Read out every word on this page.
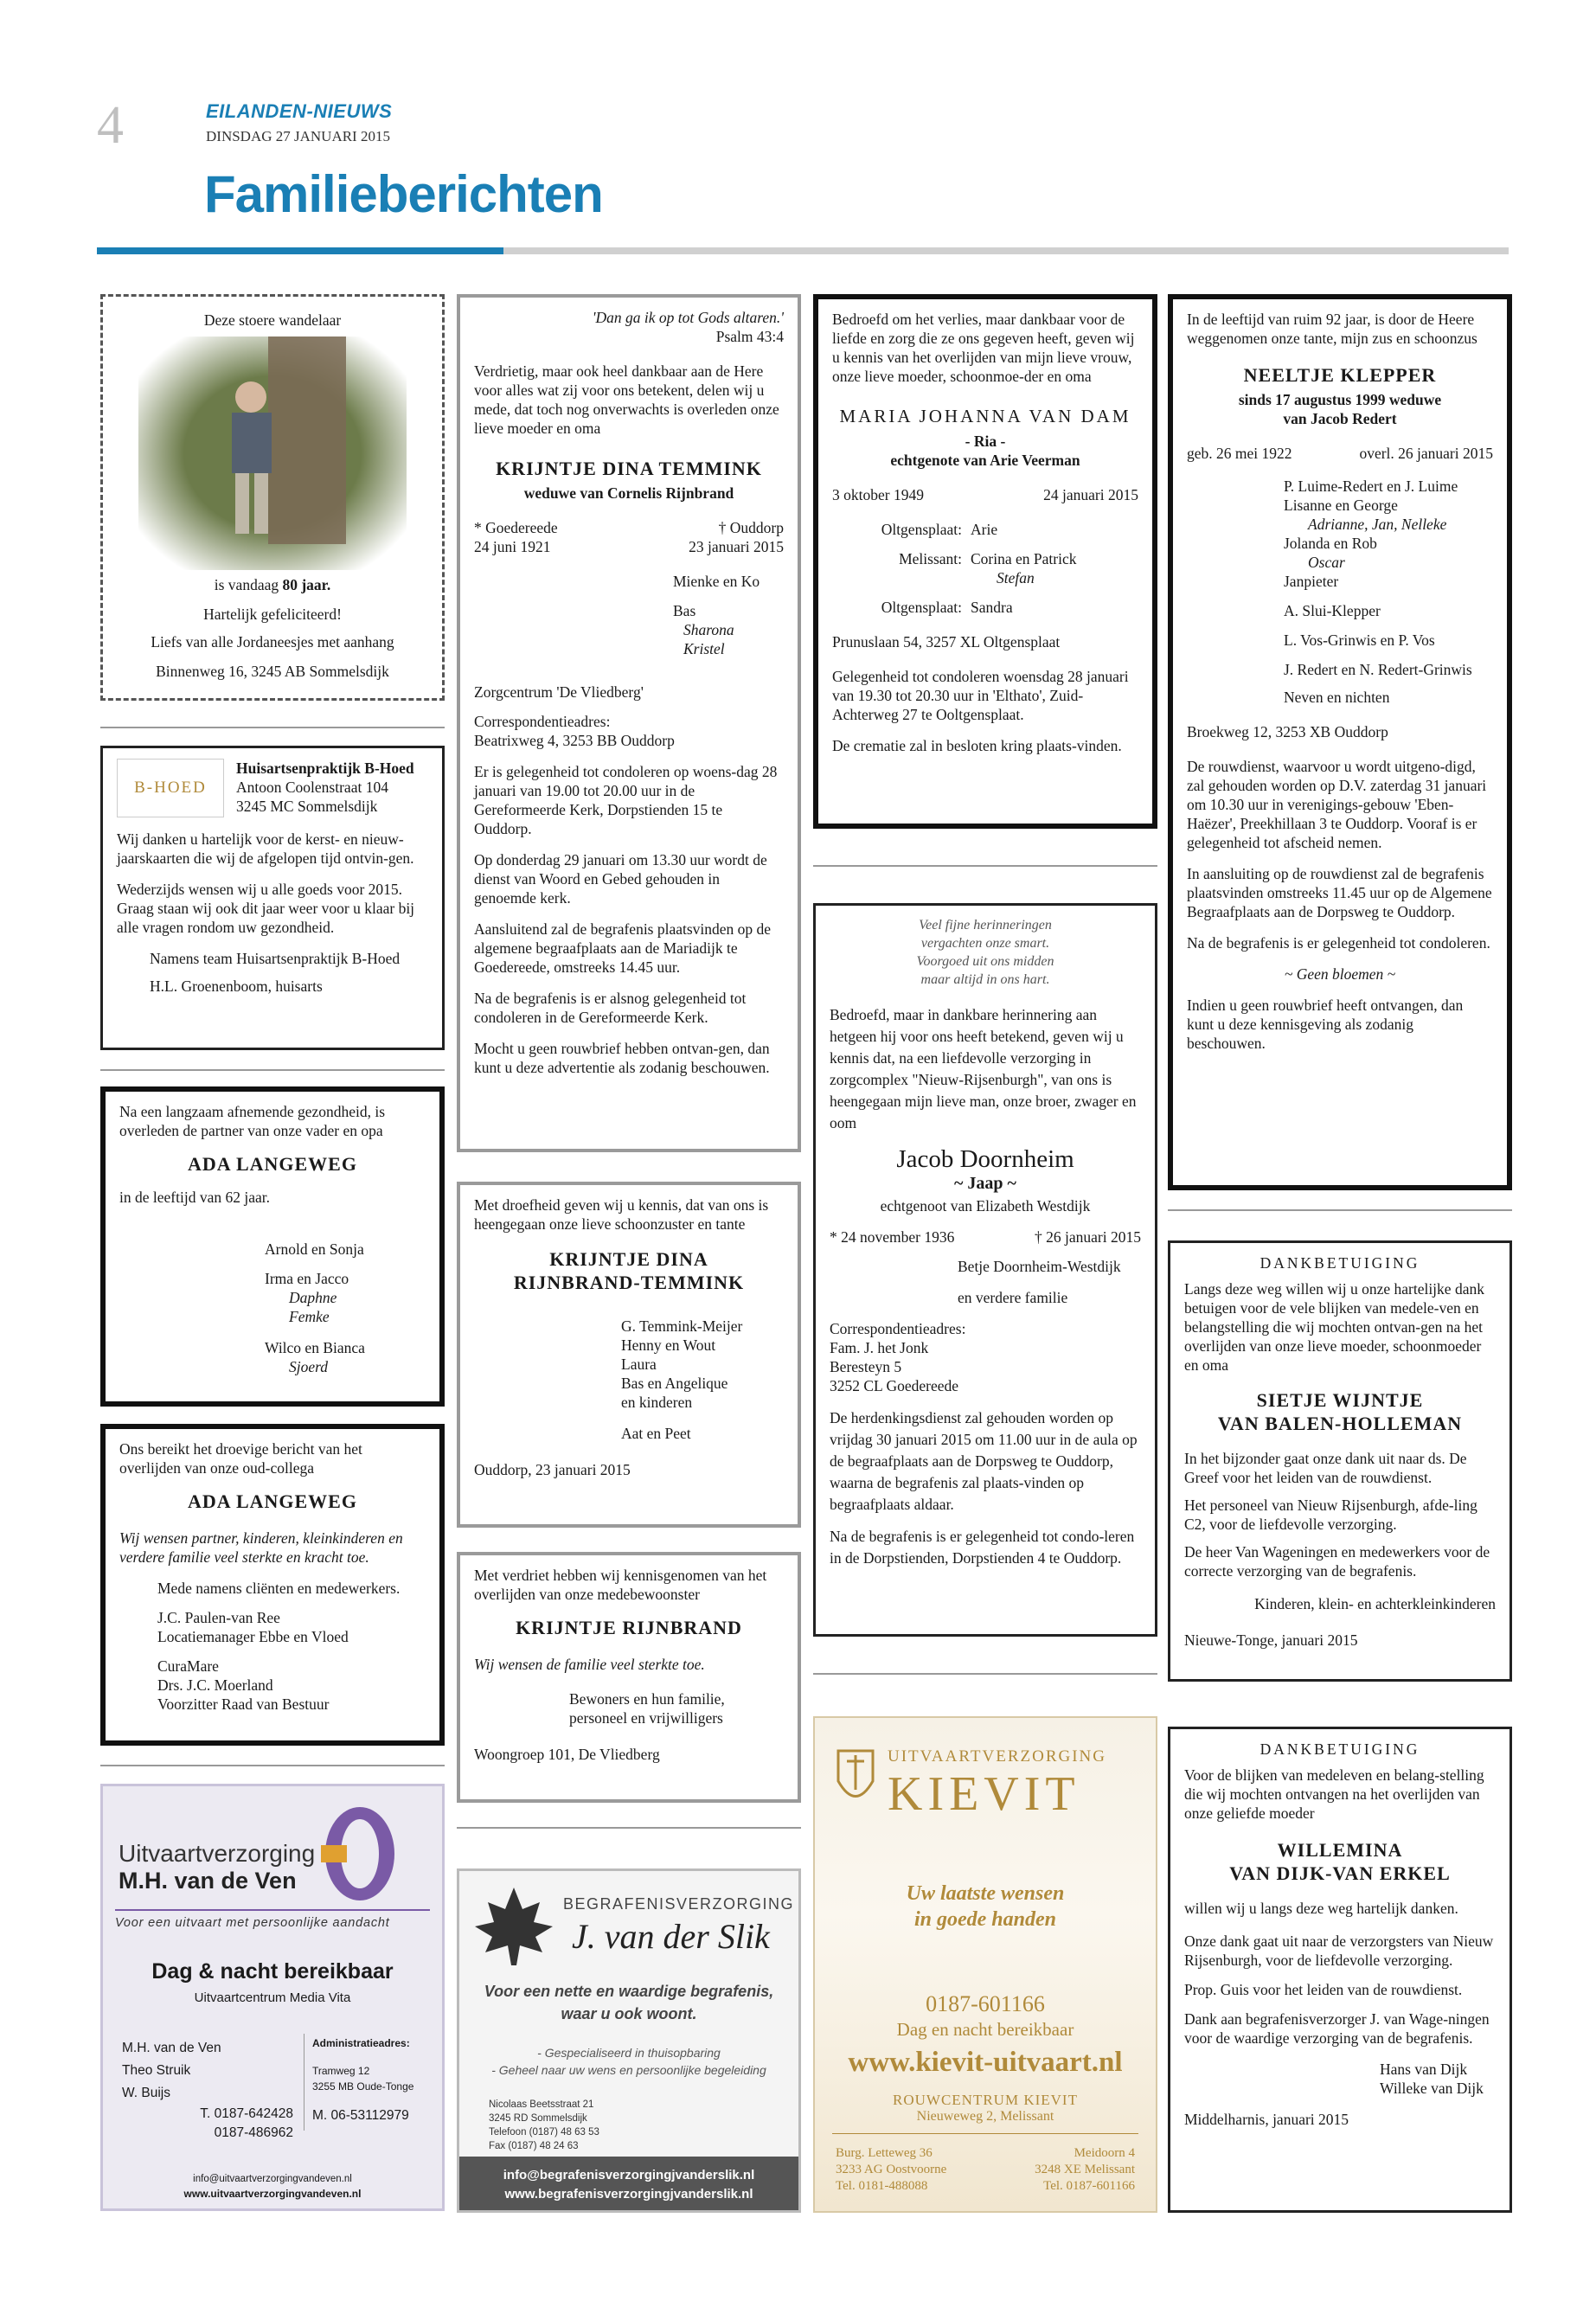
4	EILANDEN-NIEUWS
DINSDAG 27 JANUARI 2015
Familieberichten
Deze stoere wandelaar
is vandaag 80 jaar.
Hartelijk gefeliciteerd!
Liefs van alle Jordaneesjes met aanhang
Binnenweg 16, 3245 AB Sommelsdijk
B-HOED
Huisartsenpraktijk B-Hoed
Antoon Coolenstraat 104
3245 MC Sommelsdijk

Wij danken u hartelijk voor de kerst- en nieuw-jaarskaarten die wij de afgelopen tijd ontvin-gen.

Wederzijds wensen wij u alle goeds voor 2015. Graag staan wij ook dit jaar weer voor u klaar bij alle vragen rondom uw gezondheid.

Namens team Huisartsenpraktijk B-Hoed

H.L. Groenenboom, huisarts

Na een langzaam afnemende gezondheid, is overleden de partner van onze vader en opa

ADA LANGEWEG

in de leeftijd van 62 jaar.

Arnold en Sonja
Irma en Jacco
Daphne
Femke
Wilco en Bianca
Sjoerd

Ons bereikt het droevige bericht van het overlijden van onze oud-collega

ADA LANGEWEG

Wij wensen partner, kinderen, kleinkinderen en verdere familie veel sterkte en kracht toe.

Mede namens cliënten en medewerkers.
J.C. Paulen-van Ree
Locatiemanager Ebbe en Vloed
CuraMare
Drs. J.C. Moerland
Voorzitter Raad van Bestuur
Uitvaartverzorging
M.H. van de Ven
Voor een uitvaart met persoonlijke aandacht
Dag & nacht bereikbaar
Uitvaartcentrum Media Vita
M.H. van de Ven
Theo Struik
W. Buijs
T. 0187-642428
0187-486962
Administratieadres:
Tramweg 12
3255 MB Oude-Tonge
M. 06-53112979
info@uitvaartverzorgingvandeven.nl
www.uitvaartverzorgingvandeven.nl
'Dan ga ik op tot Gods altaren.'
Psalm 43:4

Verdrietig, maar ook heel dankbaar aan de Here voor alles wat zij voor ons betekent, delen wij u mede, dat toch nog onverwachts is overleden onze lieve moeder en oma

KRIJNTJE DINA TEMMINK
weduwe van Cornelis Rijnbrand
* Goedereede
24 juni 1921
† Ouddorp
23 januari 2015
Mienke en Ko
Bas
Sharona
Kristel
Zorgcentrum 'De Vliedberg'
Correspondentieadres:
Beatrixweg 4, 3253 BB Ouddorp

Er is gelegenheid tot condoleren op woens-dag 28 januari van 19.00 tot 20.00 uur in de Gereformeerde Kerk, Dorpstienden 15 te Ouddorp.

Op donderdag 29 januari om 13.30 uur wordt de dienst van Woord en Gebed gehouden in genoemde kerk.

Aansluitend zal de begrafenis plaatsvinden op de algemene begraafplaats aan de Mariadijk te Goedereede, omstreeks 14.45 uur.

Na de begrafenis is er alsnog gelegenheid tot condoleren in de Gereformeerde Kerk.

Mocht u geen rouwbrief hebben ontvan-gen, dan kunt u deze advertentie als zodanig beschouwen.

Met droefheid geven wij u kennis, dat van ons is heengegaan onze lieve schoonzuster en tante

KRIJNTJE DINA
RIJNBRAND-TEMMINK
G. Temmink-Meijer
Henny en Wout
Laura
Bas en Angelique
en kinderen
Aat en Peet
Ouddorp, 23 januari 2015

Met verdriet hebben wij kennisgenomen van het overlijden van onze medebewoonster

KRIJNTJE RIJNBRAND

Wij wensen de familie veel sterkte toe.

Bewoners en hun familie,
personeel en vrijwilligers
Woongroep 101, De Vliedberg
BEGRAFENISVERZORGING
J. van der Slik
Voor een nette en waardige begrafenis, waar u ook woont.
- Gespecialiseerd in thuisopbaring
- Geheel naar uw wens en persoonlijke begeleiding
Nicolaas Beetsstraat 21
3245 RD Sommelsdijk
Telefoon (0187) 48 63 53
Fax (0187) 48 24 63
info@begrafenisverzorgingjvanderslik.nl
www.begrafenisverzorgingjvanderslik.nl

Bedroefd om het verlies, maar dankbaar voor de liefde en zorg die ze ons gegeven heeft, geven wij u kennis van het overlijden van mijn lieve vrouw, onze lieve moeder, schoonmoe-der en oma

MARIA JOHANNA VAN DAM
- Ria -
echtgenote van Arie Veerman
3 oktober 1949	24 januari 2015
Oltgensplaat: Arie
Melissant: Corina en Patrick
Stefan
Oltgensplaat: Sandra
Prunuslaan 54, 3257 XL Oltgensplaat

Gelegenheid tot condoleren woensdag 28 januari van 19.30 tot 20.30 uur in 'Elthato', Zuid-Achterweg 27 te Ooltgensplaat.

De crematie zal in besloten kring plaats-vinden.

Veel fijne herinneringen
vergachten onze smart.
Voorgoed uit ons midden
maar altijd in ons hart.

Bedroefd, maar in dankbare herinnering aan hetgeen hij voor ons heeft betekend, geven wij u kennis dat, na een liefdevolle verzorging in zorgcomplex "Nieuw-Rijsenburgh", van ons is heengegaan mijn lieve man, onze broer, zwager en oom

Jacob Doornheim
~ Jaap ~
echtgenoot van Elizabeth Westdijk
* 24 november 1936	† 26 januari 2015
Betje Doornheim-Westdijk
en verdere familie
Correspondentieadres:
Fam. J. het Jonk
Beresteyn 5
3252 CL Goedereede

De herdenkingsdienst zal gehouden worden op vrijdag 30 januari 2015 om 11.00 uur in de aula op de begraafplaats aan de Dorpsweg te Ouddorp, waarna de begrafenis zal plaats-vinden op begraafplaats aldaar.

Na de begrafenis is er gelegenheid tot condo-leren in de Dorpstienden, Dorpstienden 4 te Ouddorp.

UITVAARTVERZORGING
KIEVIT
Uw laatste wensen
in goede handen
0187-601166
Dag en nacht bereikbaar
www.kievit-uitvaart.nl
ROUWCENTRUM KIEVIT
Nieuweweg 2, Melissant
Burg. Letteweg 36
3233 AG Oostvoorne
Tel. 0181-488088
Meidoorn 4
3248 XE Melissant
Tel. 0187-601166

In de leeftijd van ruim 92 jaar, is door de Heere weggenomen onze tante, mijn zus en schoonzus

NEELTJE KLEPPER
sinds 17 augustus 1999 weduwe
van Jacob Redert
geb. 26 mei 1922	overl. 26 januari 2015
P. Luime-Redert en J. Luime
Lisanne en George
Adrianne, Jan, Nelleke
Jolanda en Rob
Oscar
Janpieter
A. Slui-Klepper
L. Vos-Grinwis en P. Vos
J. Redert en N. Redert-Grinwis
Neven en nichten
Broekweg 12, 3253 XB Ouddorp

De rouwdienst, waarvoor u wordt uitgeno-digd, zal gehouden worden op D.V. zaterdag 31 januari om 10.30 uur in verenigings-gebouw 'Eben-Haëzer', Preekhillaan 3 te Ouddorp. Vooraf is er gelegenheid tot afscheid nemen.

In aansluiting op de rouwdienst zal de begrafenis plaatsvinden omstreeks 11.45 uur op de Algemene Begraafplaats aan de Dorpsweg te Ouddorp.

Na de begrafenis is er gelegenheid tot condoleren.

~ Geen bloemen ~

Indien u geen rouwbrief heeft ontvangen, dan kunt u deze kennisgeving als zodanig beschouwen.

DANKBETUIGING

Langs deze weg willen wij u onze hartelijke dank betuigen voor de vele blijken van medele-ven en belangstelling die wij mochten ontvan-gen na het overlijden van onze lieve moeder, schoonmoeder en oma

SIETJE WIJNTJE
VAN BALEN-HOLLEMAN

In het bijzonder gaat onze dank uit naar ds. De Greef voor het leiden van de rouwdienst.

Het personeel van Nieuw Rijsenburgh, afde-ling C2, voor de liefdevolle verzorging.

De heer Van Wageningen en medewerkers voor de correcte verzorging van de begrafenis.

Kinderen, klein- en achterkleinkinderen
Nieuwe-Tonge, januari 2015
DANKBETUIGING

Voor de blijken van medeleven en belang-stelling die wij mochten ontvangen na het overlijden van onze geliefde moeder

WILLEMINA
VAN DIJK-VAN ERKEL

willen wij u langs deze weg hartelijk danken.

Onze dank gaat uit naar de verzorgsters van Nieuw Rijsenburgh, voor de liefdevolle verzorging.

Prop. Guis voor het leiden van de rouwdienst.

Dank aan begrafenisverzorger J. van Wage-ningen voor de waardige verzorging van de begrafenis.

Hans van Dijk
Willeke van Dijk
Middelharnis, januari 2015
